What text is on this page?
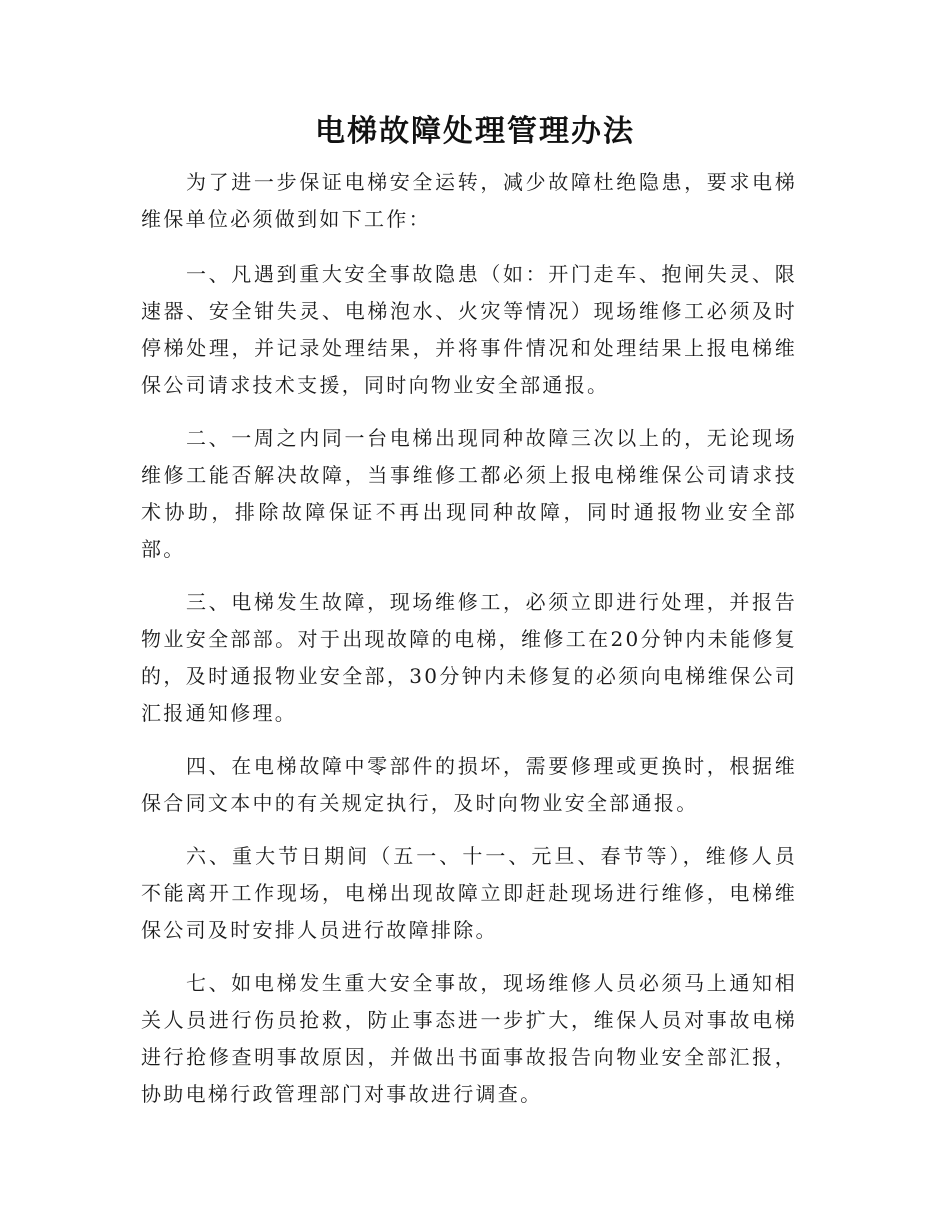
电梯故障处理管理办法

为了进一步保证电梯安全运转，减少故障杜绝隐患，要求电梯维保单位必须做到如下工作：

一、凡遇到重大安全事故隐患（如：开门走车、抱闸失灵、限速器、安全钳失灵、电梯泡水、火灾等情况）现场维修工必须及时停梯处理，并记录处理结果，并将事件情况和处理结果上报电梯维保公司请求技术支援，同时向物业安全部通报。

二、一周之内同一台电梯出现同种故障三次以上的，无论现场维修工能否解决故障，当事维修工都必须上报电梯维保公司请求技术协助，排除故障保证不再出现同种故障，同时通报物业安全部部。

三、电梯发生故障，现场维修工，必须立即进行处理，并报告物业安全部部。对于出现故障的电梯，维修工在20分钟内未能修复的，及时通报物业安全部，30分钟内未修复的必须向电梯维保公司汇报通知修理。

四、在电梯故障中零部件的损坏，需要修理或更换时，根据维保合同文本中的有关规定执行，及时向物业安全部通报。

六、重大节日期间（五一、十一、元旦、春节等），维修人员不能离开工作现场，电梯出现故障立即赶赴现场进行维修，电梯维保公司及时安排人员进行故障排除。

七、如电梯发生重大安全事故，现场维修人员必须马上通知相关人员进行伤员抢救，防止事态进一步扩大，维保人员对事故电梯进行抢修查明事故原因，并做出书面事故报告向物业安全部汇报，协助电梯行政管理部门对事故进行调查。
